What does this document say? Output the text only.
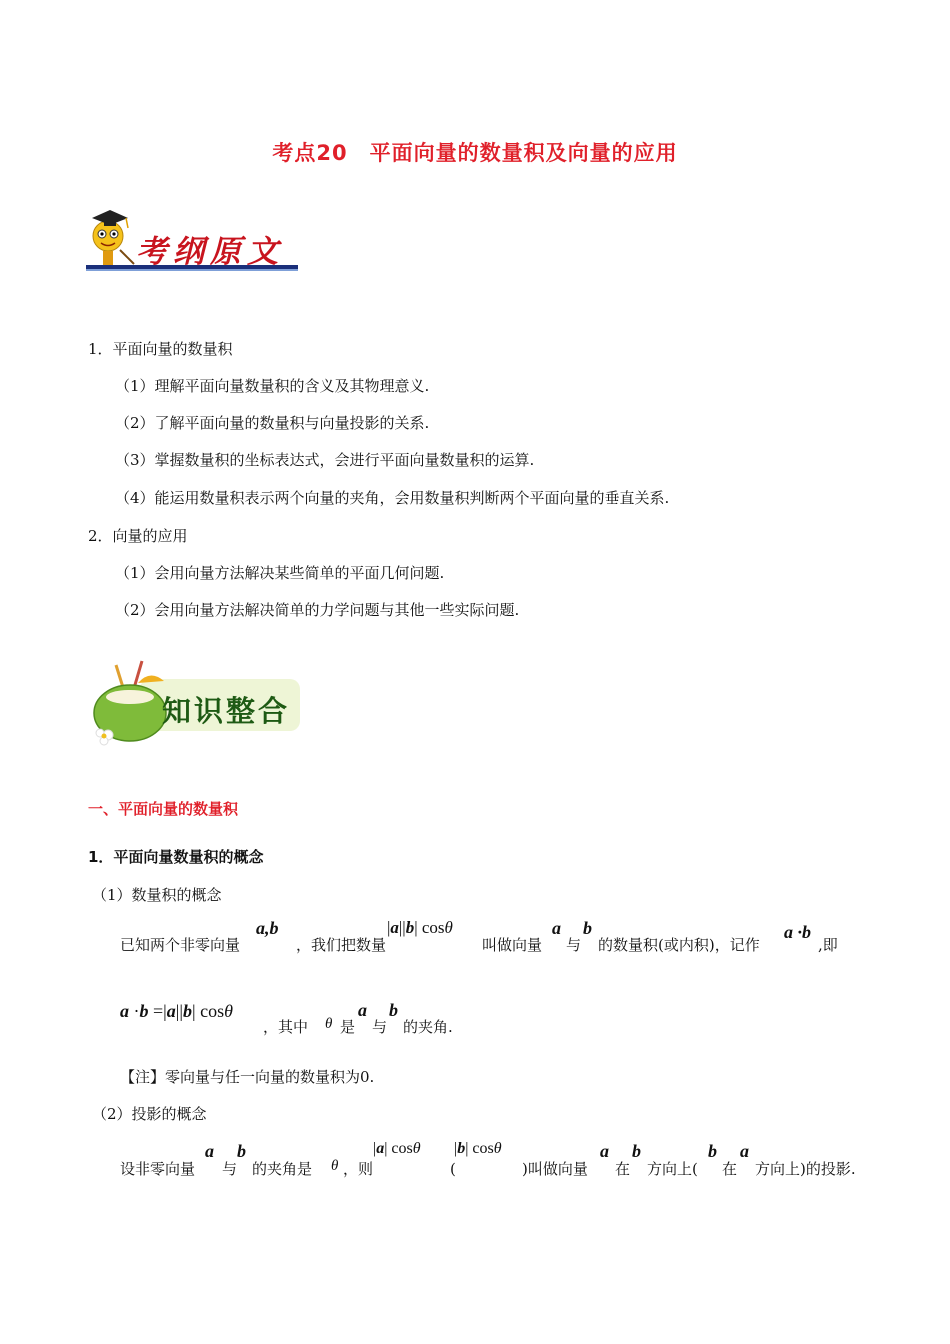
考点20　平面向量的数量积及向量的应用
考纲原文
1．平面向量的数量积
（1）理解平面向量数量积的含义及其物理意义.
（2）了解平面向量的数量积与向量投影的关系.
（3）掌握数量积的坐标表达式，会进行平面向量数量积的运算.
（4）能运用数量积表示两个向量的夹角，会用数量积判断两个平面向量的垂直关系.
2．向量的应用
（1）会用向量方法解决某些简单的平面几何问题.
（2）会用向量方法解决简单的力学问题与其他一些实际问题.
知识整合
一、平面向量的数量积
1．平面向量数量积的概念
（1）数量积的概念
已知两个非零向量
a,b
，我们把数量
|a||b| cosθ
叫做向量
a
与
b
的数量积(或内积)，记作
a ·b
,即
a ·b =|a||b| cosθ
，其中 θ 是
a
与
b
的夹角.
【注】零向量与任一向量的数量积为0.
（2）投影的概念
设非零向量
a
与
b
的夹角是 θ ，则
|a| cosθ |b| cosθ
(	)叫做向量
a
在
b
方向上(
b
在
a
方向上)的投影.
